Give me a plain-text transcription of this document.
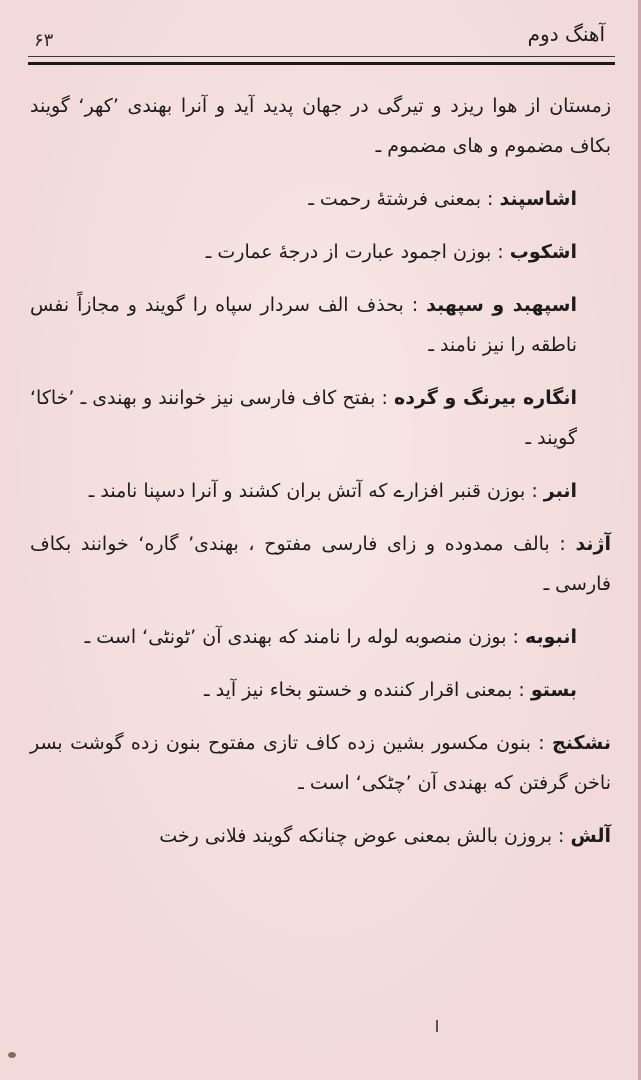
آهنگ دوم
۶۳

زمستان از هوا ریزد و تیرگی در جهان پدید آید و آنرا بهندی ’کهر‘ گویند بکاف مضموم و های مضموم ـ

اشاسپند : بمعنی فرشتهٔ رحمت ـ

اشکوب : بوزن اجمود عبارت از درجهٔ عمارت ـ

اسپهبد و سپهبد : بحذف الف سردار سپاه را گویند و مجازاً نفس ناطقه را نیز نامند ـ

انگاره بیرنگ و گرده : بفتح کاف فارسی نیز خوانند و بهندی ـ ’خاکا‘ گویند ـ

انبر : بوزن قنبر افزارے که آتش بران کشند و آنرا دسپنا نامند ـ

آژند : بالف ممدوده و زای فارسی مفتوح ، بهندی’ گاره‘ خوانند بکاف فارسی ـ

انبوبه : بوزن منصوبه لوله را نامند که بهندی آن ’ٹونٹی‘ است ـ

بستو : بمعنی اقرار کننده و خستو بخاء نیز آید ـ

نشکنج : بنون مکسور بشین زده کاف تازی مفتوح بنون زده گوشت بسر ناخن گرفتن که بهندی آن ’چٹکی‘ است ـ

آلش : بروزن بالش بمعنی عوض چنانکه گویند فلانی رخت
